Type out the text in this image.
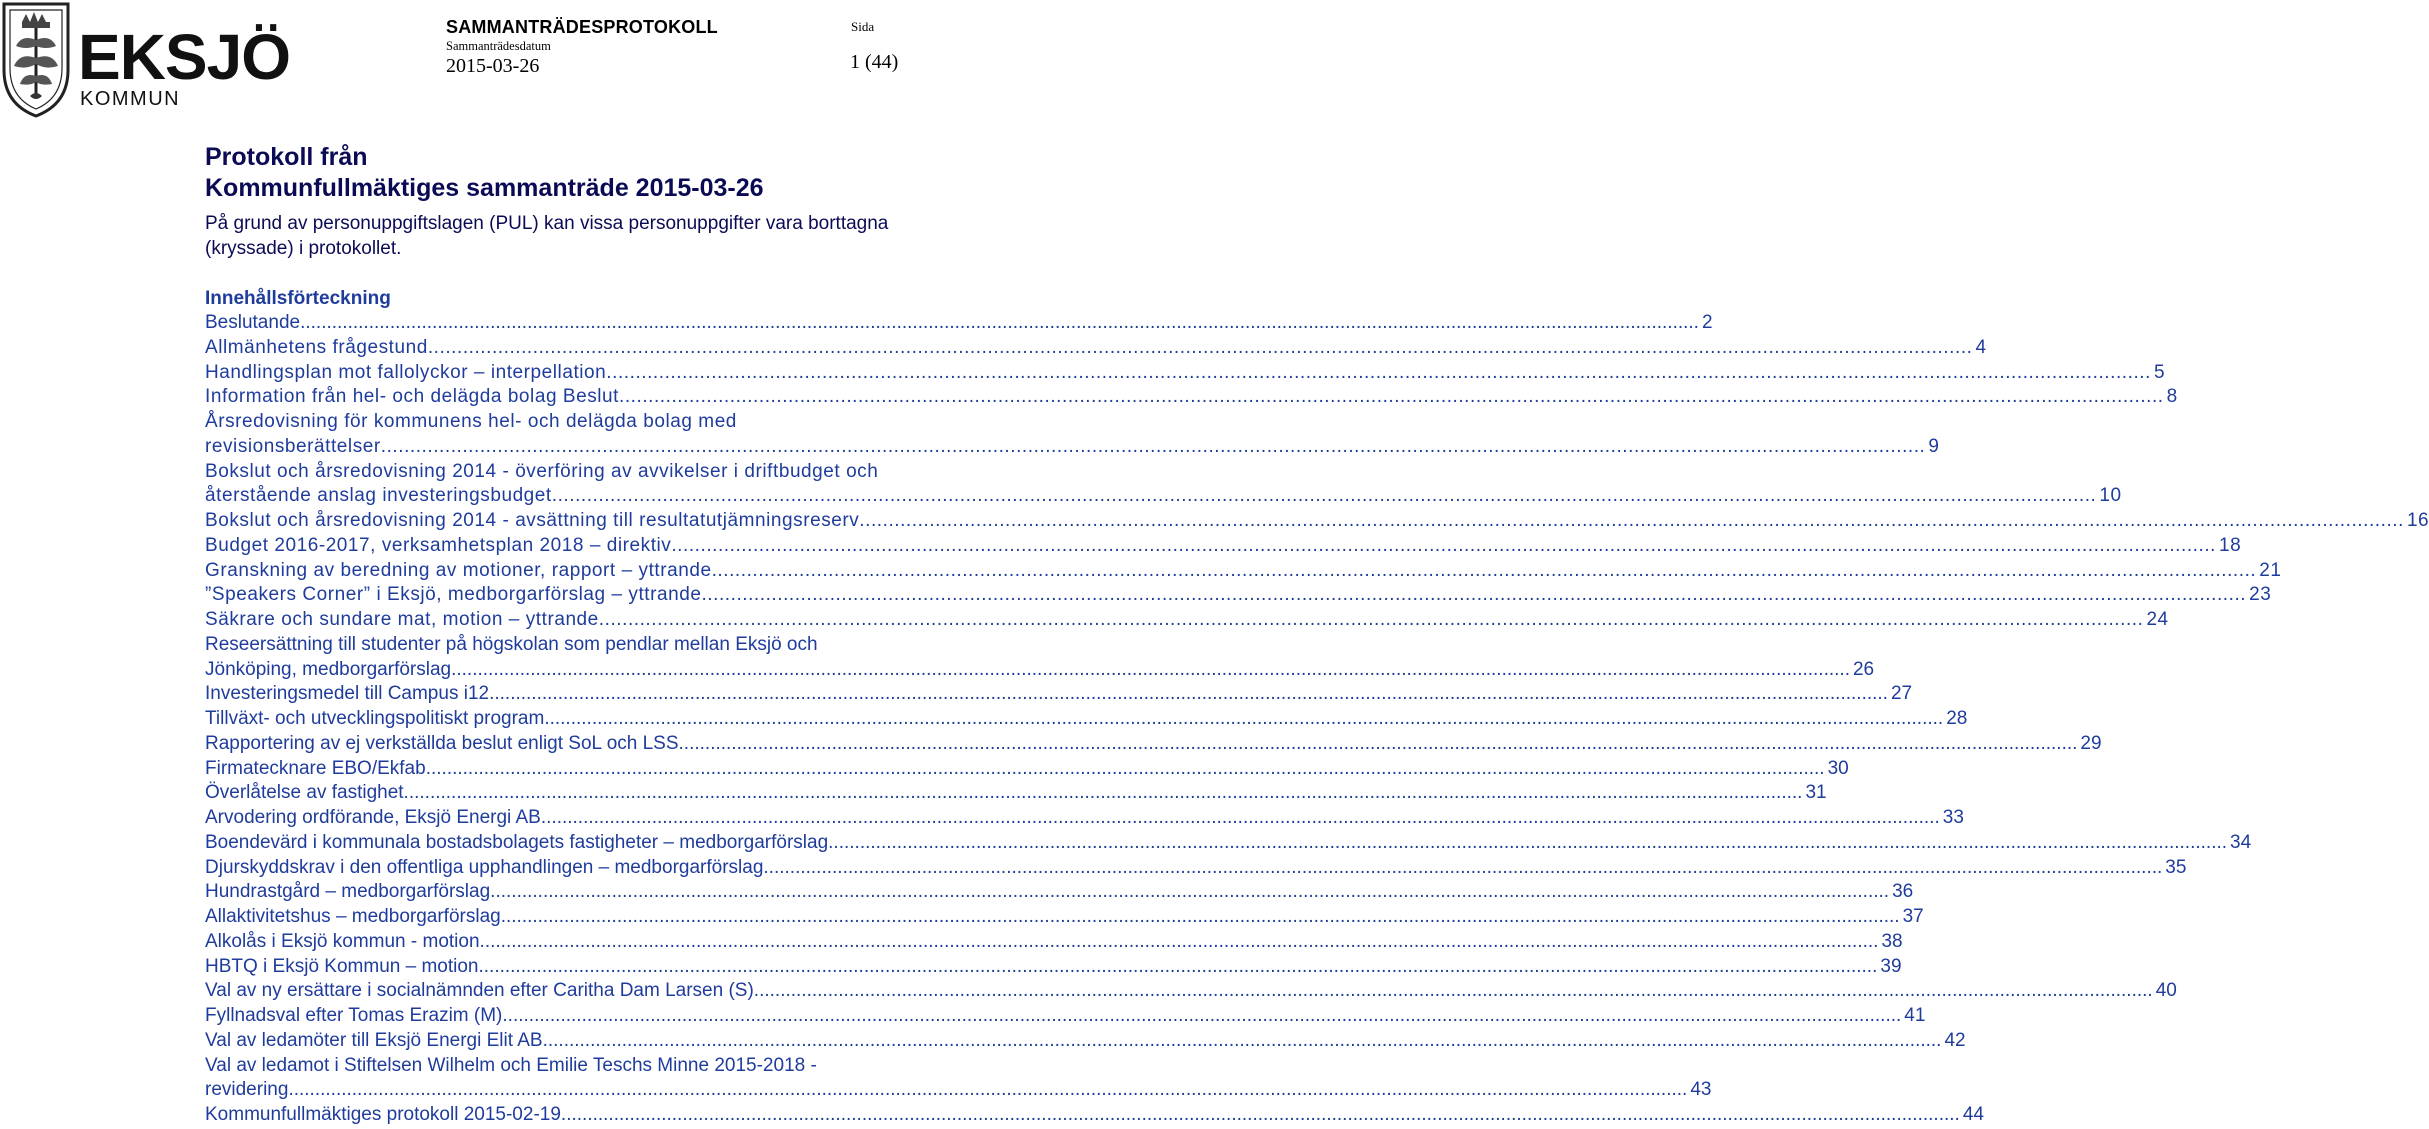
EKSJÖ
KOMMUN
SAMMANTRÄDESPROTOKOLL
Sammanträdesdatum
2015-03-26
Sida
1 (44)
Protokoll från
Kommunfullmäktiges sammanträde 2015-03-26

På grund av personuppgiftslagen (PUL) kan vissa personuppgifter vara borttagna (kryssade) i protokollet.

Innehållsförteckning
Beslutande .....	2
Allmänhetens frågestund .....	4
Handlingsplan mot fallolyckor – interpellation .....	5
Information från hel- och delägda bolag Beslut .....	8
Årsredovisning för kommunens hel- och delägda bolag med
revisionsberättelser .....	9
Bokslut och årsredovisning 2014 - överföring av avvikelser i driftbudget och
återstående anslag investeringsbudget .....	10
Bokslut och årsredovisning 2014 - avsättning till resultatutjämningsreserv .....	16
Budget 2016-2017, verksamhetsplan 2018 – direktiv .....	18
Granskning av beredning av motioner, rapport – yttrande .....	21
”Speakers Corner” i Eksjö, medborgarförslag – yttrande .....	23
Säkrare och sundare mat, motion – yttrande .....	24
Reseersättning till studenter på högskolan som pendlar mellan Eksjö och
Jönköping, medborgarförslag .....	26
Investeringsmedel till Campus i12 .....	27
Tillväxt- och utvecklingspolitiskt program .....	28
Rapportering av ej verkställda beslut enligt SoL och LSS .....	29
Firmatecknare EBO/Ekfab .....	30
Överlåtelse av fastighet .....	31
Arvodering ordförande, Eksjö Energi AB .....	33
Boendevärd i kommunala bostadsbolagets fastigheter – medborgarförslag .....	34
Djurskyddskrav i den offentliga upphandlingen – medborgarförslag .....	35
Hundrastgård – medborgarförslag .....	36
Allaktivitetshus – medborgarförslag .....	37
Alkolås i Eksjö kommun - motion .....	38
HBTQ i Eksjö Kommun – motion .....	39
Val av ny ersättare i socialnämnden efter Caritha Dam Larsen (S) .....	40
Fyllnadsval efter Tomas Erazim (M) .....	41
Val av ledamöter till Eksjö Energi Elit AB .....	42
Val av ledamot i Stiftelsen Wilhelm och Emilie Teschs Minne 2015-2018 -
revidering .....	43
Kommunfullmäktiges protokoll 2015-02-19 .....	44
